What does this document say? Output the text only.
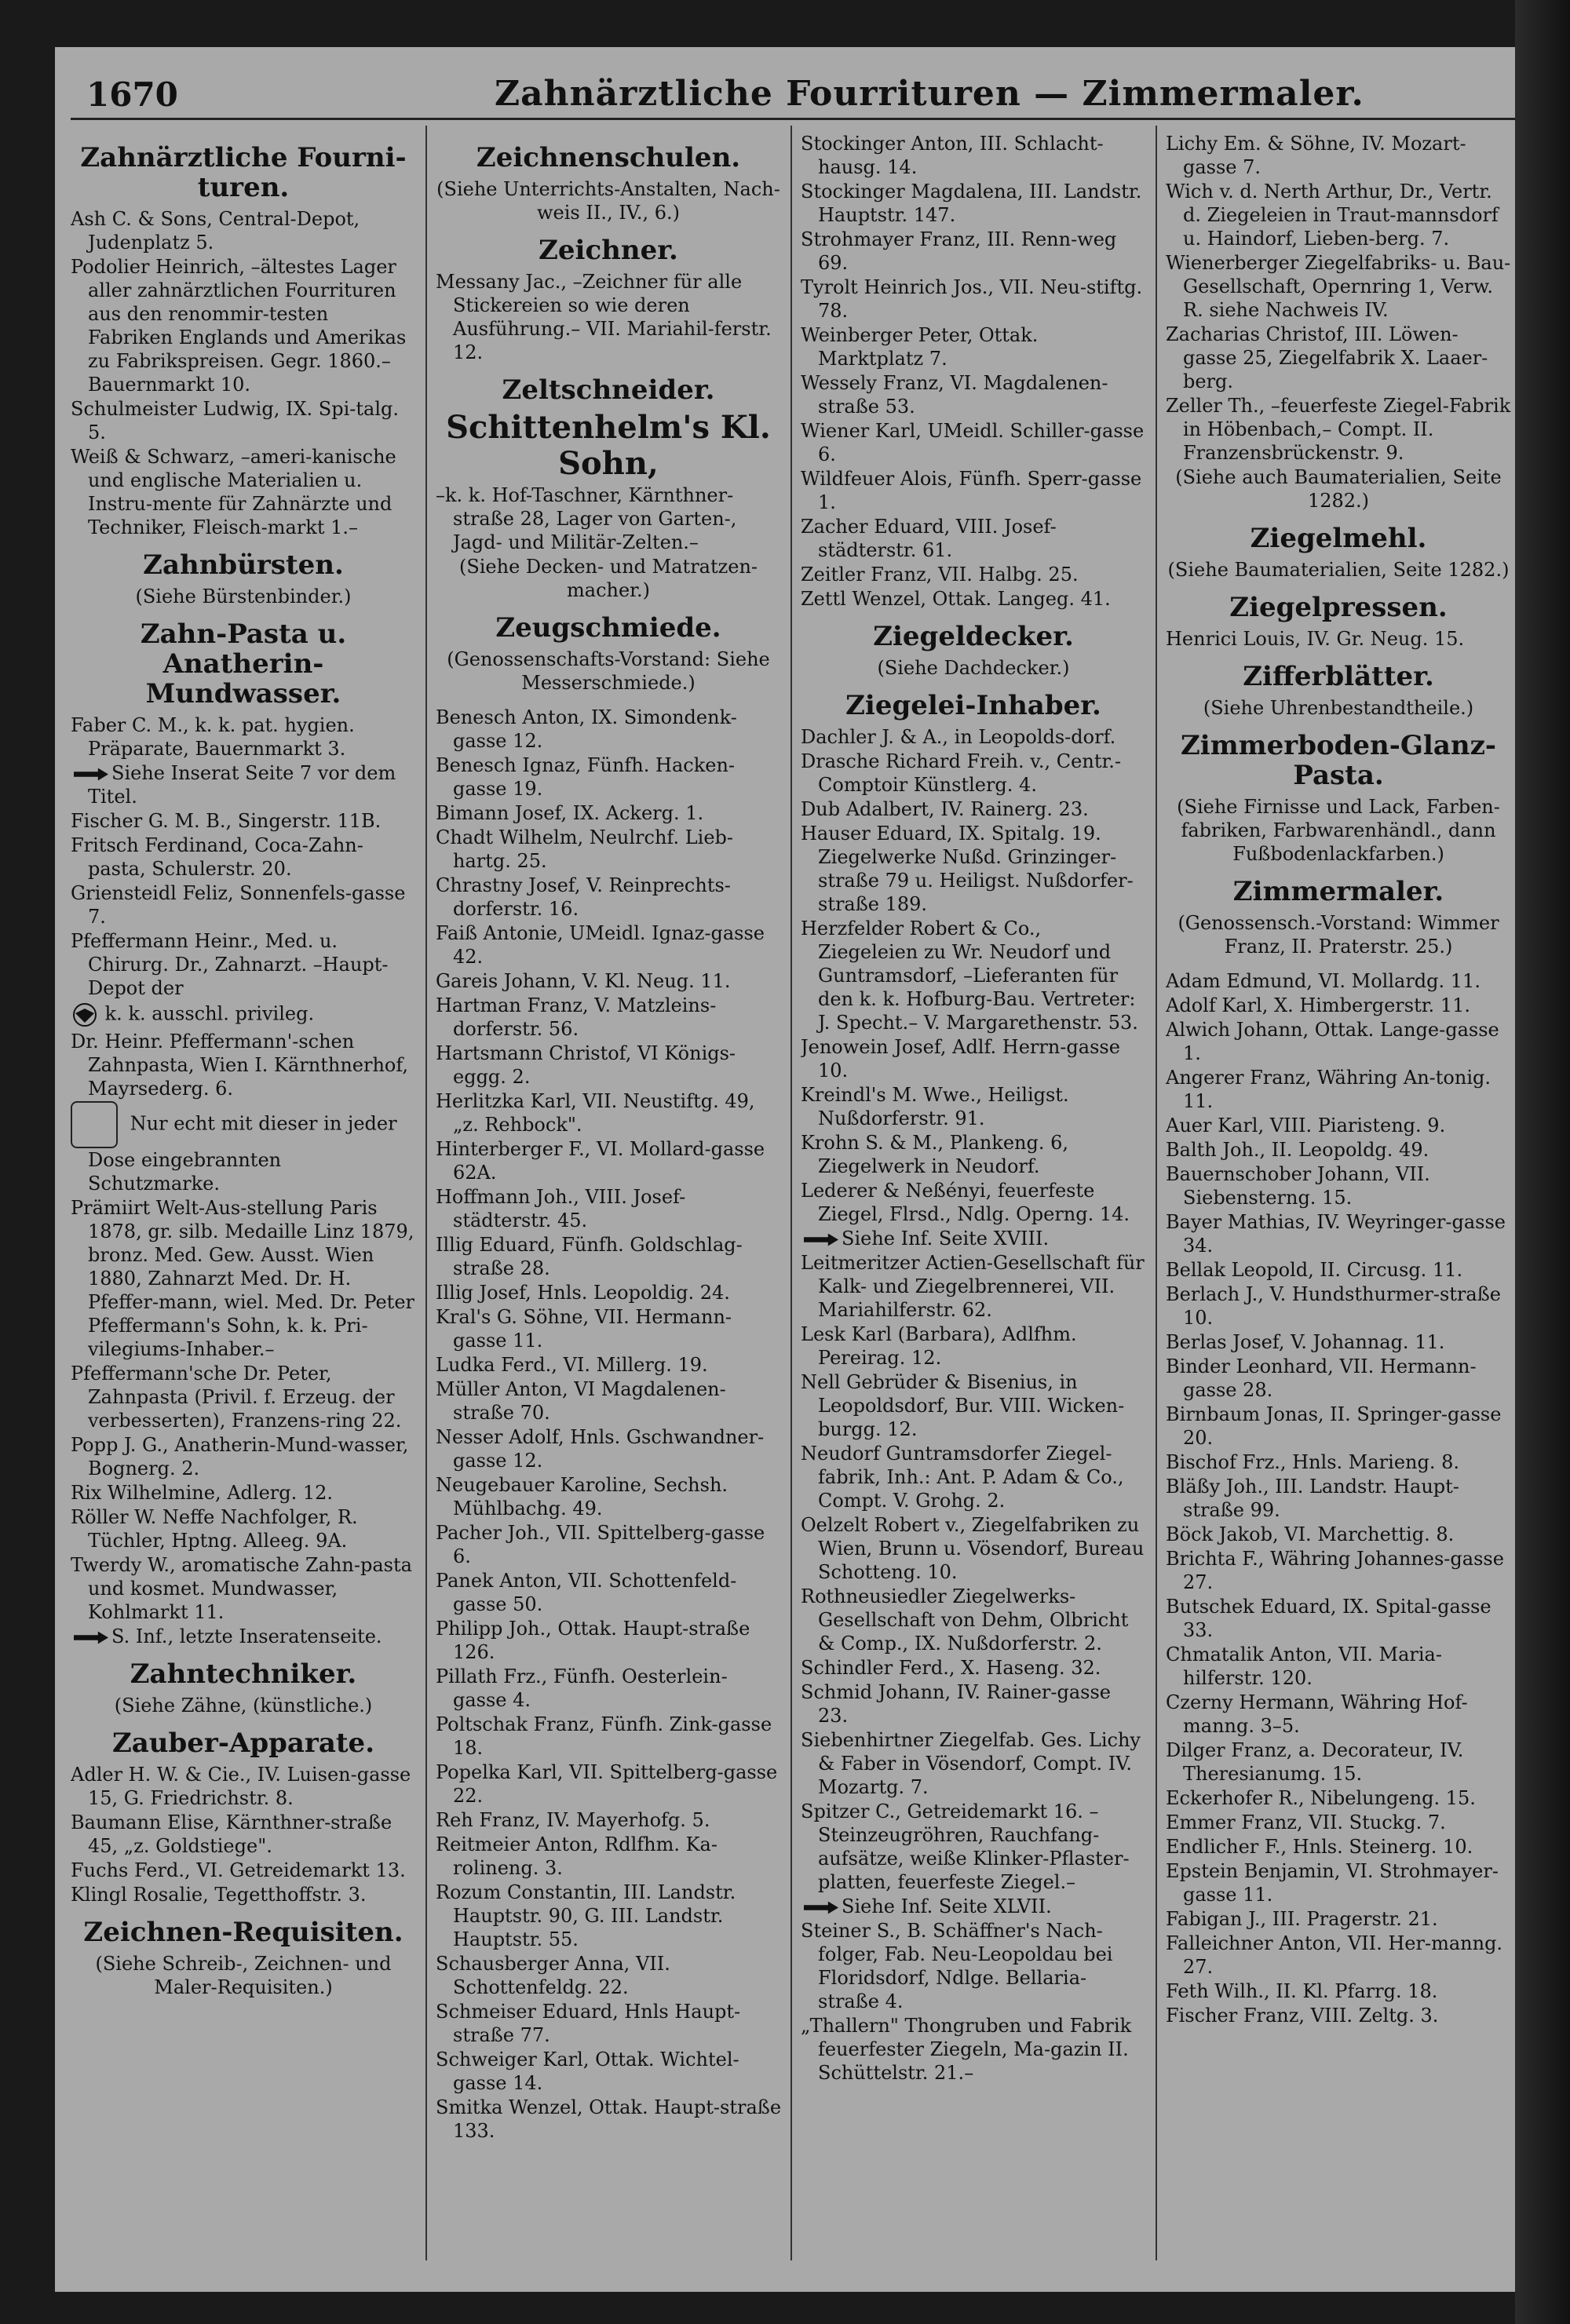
1670	Zahnärztliche Fourrituren — Zimmermaler.
Zahnärztliche Fourni-turen.
Ash C. & Sons, Central-Depot, Judenplatz 5.
Podolier Heinrich, –ältestes Lager aller zahnärztlichen Fourrituren aus den renommir-testen Fabriken Englands und Amerikas zu Fabrikspreisen. Gegr. 1860.– Bauernmarkt 10.
Schulmeister Ludwig, IX. Spi-talg. 5.
Weiß & Schwarz, –ameri-kanische und englische Materialien u. Instru-mente für Zahnärzte und Techniker, Fleisch-markt 1.–
Zahnbürsten.
(Siehe Bürstenbinder.)
Zahn-Pasta u. Anatherin-Mundwasser.
Faber C. M., k. k. pat. hygien. Präparate, Bauernmarkt 3.
Siehe Inserat Seite 7 vor dem Titel.
Fischer G. M. B., Singerstr. 11B.
Fritsch Ferdinand, Coca-Zahn-pasta, Schulerstr. 20.
Griensteidl Feliz, Sonnenfels-gasse 7.
Pfeffermann Heinr., Med. u. Chirurg. Dr., Zahnarzt. –Haupt-Depot der
k. k. ausschl. privileg.
Dr. Heinr. Pfeffermann'-schen Zahnpasta, Wien I. Kärnthnerhof, Mayrsederg. 6.
Nur echt mit dieser in jeder Dose eingebrannten Schutzmarke.
Prämiirt Welt-Aus-stellung Paris 1878, gr. silb. Medaille Linz 1879, bronz. Med. Gew. Ausst. Wien 1880, Zahnarzt Med. Dr. H. Pfeffer-mann, wiel. Med. Dr. Peter Pfeffermann's Sohn, k. k. Pri-vilegiums-Inhaber.–
Pfeffermann'sche Dr. Peter, Zahnpasta (Privil. f. Erzeug. der verbesserten), Franzens-ring 22.
Popp J. G., Anatherin-Mund-wasser, Bognerg. 2.
Rix Wilhelmine, Adlerg. 12.
Röller W. Neffe Nachfolger, R. Tüchler, Hptng. Alleeg. 9A.
Twerdy W., aromatische Zahn-pasta und kosmet. Mundwasser, Kohlmarkt 11.
S. Inf., letzte Inseratenseite.
Zahntechniker.
(Siehe Zähne, (künstliche.)
Zauber-Apparate.
Adler H. W. & Cie., IV. Luisen-gasse 15, G. Friedrichstr. 8.
Baumann Elise, Kärnthner-straße 45, „z. Goldstiege".
Fuchs Ferd., VI. Getreidemarkt 13.
Klingl Rosalie, Tegetthoffstr. 3.
Zeichnen-Requisiten.
(Siehe Schreib-, Zeichnen- und Maler-Requisiten.)
Zeichnenschulen.
(Siehe Unterrichts-Anstalten, Nach-weis II., IV., 6.)
Zeichner.
Messany Jac., –Zeichner für alle Stickereien so wie deren Ausführung.– VII. Mariahil-ferstr. 12.
Zeltschneider.
Schittenhelm's Kl. Sohn,
–k. k. Hof-Taschner, Kärnthner-straße 28, Lager von Garten-, Jagd- und Militär-Zelten.–
(Siehe Decken- und Matratzen-macher.)
Zeugschmiede.
(Genossenschafts-Vorstand: Siehe Messerschmiede.)
Benesch Anton, IX. Simondenk-gasse 12.
Benesch Ignaz, Fünfh. Hacken-gasse 19.
Bimann Josef, IX. Ackerg. 1.
Chadt Wilhelm, Neulrchf. Lieb-hartg. 25.
Chrastny Josef, V. Reinprechts-dorferstr. 16.
Faiß Antonie, UMeidl. Ignaz-gasse 42.
Gareis Johann, V. Kl. Neug. 11.
Hartman Franz, V. Matzleins-dorferstr. 56.
Hartsmann Christof, VI Königs-eggg. 2.
Herlitzka Karl, VII. Neustiftg. 49, „z. Rehbock".
Hinterberger F., VI. Mollard-gasse 62A.
Hoffmann Joh., VIII. Josef-städterstr. 45.
Illig Eduard, Fünfh. Goldschlag-straße 28.
Illig Josef, Hnls. Leopoldig. 24.
Kral's G. Söhne, VII. Hermann-gasse 11.
Ludka Ferd., VI. Millerg. 19.
Müller Anton, VI Magdalenen-straße 70.
Nesser Adolf, Hnls. Gschwandner-gasse 12.
Neugebauer Karoline, Sechsh. Mühlbachg. 49.
Pacher Joh., VII. Spittelberg-gasse 6.
Panek Anton, VII. Schottenfeld-gasse 50.
Philipp Joh., Ottak. Haupt-straße 126.
Pillath Frz., Fünfh. Oesterlein-gasse 4.
Poltschak Franz, Fünfh. Zink-gasse 18.
Popelka Karl, VII. Spittelberg-gasse 22.
Reh Franz, IV. Mayerhofg. 5.
Reitmeier Anton, Rdlfhm. Ka-rolineng. 3.
Rozum Constantin, III. Landstr. Hauptstr. 90, G. III. Landstr. Hauptstr. 55.
Schausberger Anna, VII. Schottenfeldg. 22.
Schmeiser Eduard, Hnls Haupt-straße 77.
Schweiger Karl, Ottak. Wichtel-gasse 14.
Smitka Wenzel, Ottak. Haupt-straße 133.
Stockinger Anton, III. Schlacht-hausg. 14.
Stockinger Magdalena, III. Landstr. Hauptstr. 147.
Strohmayer Franz, III. Renn-weg 69.
Tyrolt Heinrich Jos., VII. Neu-stiftg. 78.
Weinberger Peter, Ottak. Marktplatz 7.
Wessely Franz, VI. Magdalenen-straße 53.
Wiener Karl, UMeidl. Schiller-gasse 6.
Wildfeuer Alois, Fünfh. Sperr-gasse 1.
Zacher Eduard, VIII. Josef-städterstr. 61.
Zeitler Franz, VII. Halbg. 25.
Zettl Wenzel, Ottak. Langeg. 41.
Ziegeldecker.
(Siehe Dachdecker.)
Ziegelei-Inhaber.
Dachler J. & A., in Leopolds-dorf.
Drasche Richard Freih. v., Centr.-Comptoir Künstlerg. 4.
Dub Adalbert, IV. Rainerg. 23.
Hauser Eduard, IX. Spitalg. 19. Ziegelwerke Nußd. Grinzinger-straße 79 u. Heiligst. Nußdorfer-straße 189.
Herzfelder Robert & Co., Ziegeleien zu Wr. Neudorf und Guntramsdorf, –Lieferanten für den k. k. Hofburg-Bau. Vertreter: J. Specht.– V. Margarethenstr. 53.
Jenowein Josef, Adlf. Herrn-gasse 10.
Kreindl's M. Wwe., Heiligst. Nußdorferstr. 91.
Krohn S. & M., Plankeng. 6, Ziegelwerk in Neudorf.
Lederer & Neßényi, feuerfeste Ziegel, Flrsd., Ndlg. Operng. 14.
Siehe Inf. Seite XVIII.
Leitmeritzer Actien-Gesellschaft für Kalk- und Ziegelbrennerei, VII. Mariahilferstr. 62.
Lesk Karl (Barbara), Adlfhm. Pereirag. 12.
Nell Gebrüder & Bisenius, in Leopoldsdorf, Bur. VIII. Wicken-burgg. 12.
Neudorf Guntramsdorfer Ziegel-fabrik, Inh.: Ant. P. Adam & Co., Compt. V. Grohg. 2.
Oelzelt Robert v., Ziegelfabriken zu Wien, Brunn u. Vösendorf, Bureau Schotteng. 10.
Rothneusiedler Ziegelwerks-Gesellschaft von Dehm, Olbricht & Comp., IX. Nußdorferstr. 2.
Schindler Ferd., X. Haseng. 32.
Schmid Johann, IV. Rainer-gasse 23.
Siebenhirtner Ziegelfab. Ges. Lichy & Faber in Vösendorf, Compt. IV. Mozartg. 7.
Spitzer C., Getreidemarkt 16. –Steinzeugröhren, Rauchfang-aufsätze, weiße Klinker-Pflaster-platten, feuerfeste Ziegel.–
Siehe Inf. Seite XLVII.
Steiner S., B. Schäffner's Nach-folger, Fab. Neu-Leopoldau bei Floridsdorf, Ndlge. Bellaria-straße 4.
„Thallern" Thongruben und Fabrik feuerfester Ziegeln, Ma-gazin II. Schüttelstr. 21.–
Lichy Em. & Söhne, IV. Mozart-gasse 7.
Wich v. d. Nerth Arthur, Dr., Vertr. d. Ziegeleien in Traut-mannsdorf u. Haindorf, Lieben-berg. 7.
Wienerberger Ziegelfabriks- u. Bau-Gesellschaft, Opernring 1, Verw. R. siehe Nachweis IV.
Zacharias Christof, III. Löwen-gasse 25, Ziegelfabrik X. Laaer-berg.
Zeller Th., –feuerfeste Ziegel-Fabrik in Höbenbach,– Compt. II. Franzensbrückenstr. 9.
(Siehe auch Baumaterialien, Seite 1282.)
Ziegelmehl.
(Siehe Baumaterialien, Seite 1282.)
Ziegelpressen.
Henrici Louis, IV. Gr. Neug. 15.
Zifferblätter.
(Siehe Uhrenbestandtheile.)
Zimmerboden-Glanz-Pasta.
(Siehe Firnisse und Lack, Farben-fabriken, Farbwarenhändl., dann Fußbodenlackfarben.)
Zimmermaler.
(Genossensch.-Vorstand: Wimmer Franz, II. Praterstr. 25.)
Adam Edmund, VI. Mollardg. 11.
Adolf Karl, X. Himbergerstr. 11.
Alwich Johann, Ottak. Lange-gasse 1.
Angerer Franz, Währing An-tonig. 11.
Auer Karl, VIII. Piaristeng. 9.
Balth Joh., II. Leopoldg. 49.
Bauernschober Johann, VII. Siebensterng. 15.
Bayer Mathias, IV. Weyringer-gasse 34.
Bellak Leopold, II. Circusg. 11.
Berlach J., V. Hundsthurmer-straße 10.
Berlas Josef, V. Johannag. 11.
Binder Leonhard, VII. Hermann-gasse 28.
Birnbaum Jonas, II. Springer-gasse 20.
Bischof Frz., Hnls. Marieng. 8.
Bläßy Joh., III. Landstr. Haupt-straße 99.
Böck Jakob, VI. Marchettig. 8.
Brichta F., Währing Johannes-gasse 27.
Butschek Eduard, IX. Spital-gasse 33.
Chmatalik Anton, VII. Maria-hilferstr. 120.
Czerny Hermann, Währing Hof-manng. 3–5.
Dilger Franz, a. Decorateur, IV. Theresianumg. 15.
Eckerhofer R., Nibelungeng. 15.
Emmer Franz, VII. Stuckg. 7.
Endlicher F., Hnls. Steinerg. 10.
Epstein Benjamin, VI. Strohmayer-gasse 11.
Fabigan J., III. Pragerstr. 21.
Falleichner Anton, VII. Her-manng. 27.
Feth Wilh., II. Kl. Pfarrg. 18.
Fischer Franz, VIII. Zeltg. 3.
